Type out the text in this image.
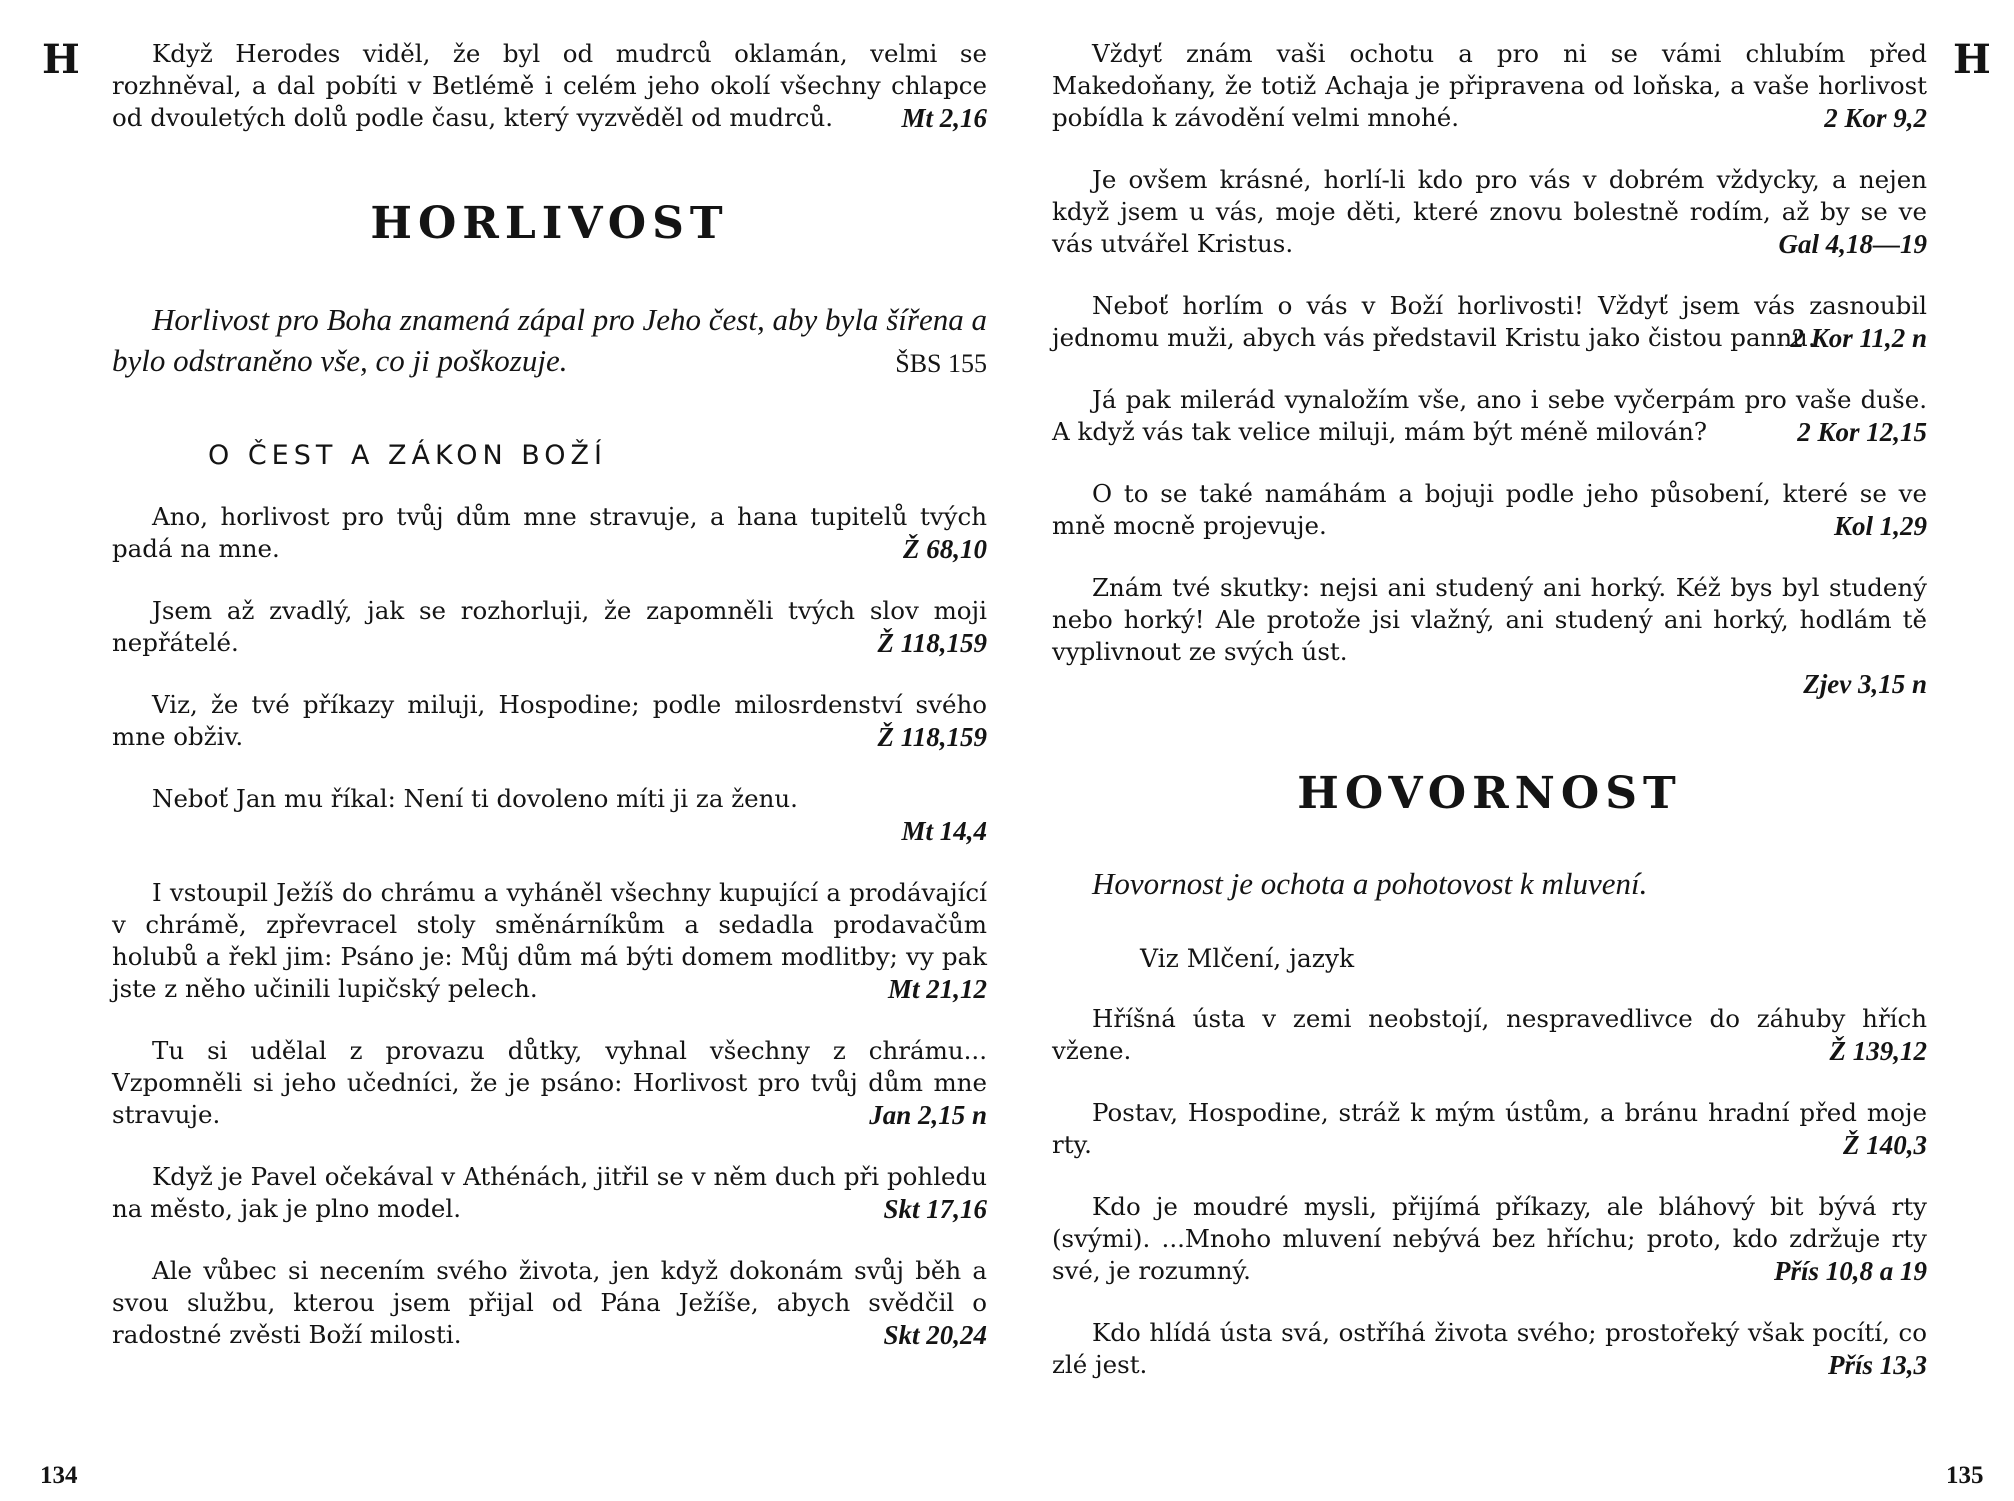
H	H
134	135
Když Herodes viděl, že byl od mudrců oklamán, velmi se rozhněval, a dal pobíti v Betlémě i celém jeho okolí všechny chlapce od dvouletých dolů podle času, který vyzvěděl od mudrců.	Mt 2,16
HORLIVOST
Horlivost pro Boha znamená zápal pro Jeho čest, aby byla šířena a bylo odstraněno vše, co ji poškozuje.	ŠBS 155
O ČEST A ZÁKON BOŽÍ
Ano, horlivost pro tvůj dům mne stravuje, a hana tupitelů tvých padá na mne.	Ž 68,10
Jsem až zvadlý, jak se rozhorluji, že zapomněli tvých slov moji nepřátelé.	Ž 118,159
Viz, že tvé příkazy miluji, Hospodine; podle milosrdenství svého mne obživ.	Ž 118,159
Neboť Jan mu říkal: Není ti dovoleno míti ji za ženu.
Mt 14,4
I vstoupil Ježíš do chrámu a vyháněl všechny kupující a prodávající v chrámě, zpřevracel stoly směnárníkům a sedadla prodavačům holubů a řekl jim: Psáno je: Můj dům má býti domem modlitby; vy pak jste z něho učinili lupičský pelech.	Mt 21,12
Tu si udělal z provazu důtky, vyhnal všechny z chrámu... Vzpomněli si jeho učedníci, že je psáno: Horlivost pro tvůj dům mne stravuje.	Jan 2,15 n
Když je Pavel očekával v Athénách, jitřil se v něm duch při pohledu na město, jak je plno model.	Skt 17,16
Ale vůbec si necením svého života, jen když dokonám svůj běh a svou službu, kterou jsem přijal od Pána Ježíše, abych svědčil o radostné zvěsti Boží milosti.	Skt 20,24
Vždyť znám vaši ochotu a pro ni se vámi chlubím před Makedoňany, že totiž Achaja je připravena od loňska, a vaše horlivost pobídla k závodění velmi mnohé.	2 Kor 9,2
Je ovšem krásné, horlí-li kdo pro vás v dobrém vždycky, a nejen když jsem u vás, moje děti, které znovu bolestně rodím, až by se ve vás utvářel Kristus.	Gal 4,18—19
Neboť horlím o vás v Boží horlivosti! Vždyť jsem vás zasnoubil jednomu muži, abych vás představil Kristu jako čistou pannu.
2 Kor 11,2 n
Já pak milerád vynaložím vše, ano i sebe vyčerpám pro vaše duše. A když vás tak velice miluji, mám být méně milován?	2 Kor 12,15
O to se také namáhám a bojuji podle jeho působení, které se ve mně mocně projevuje.	Kol 1,29
Znám tvé skutky: nejsi ani studený ani horký. Kéž bys byl studený nebo horký! Ale protože jsi vlažný, ani studený ani horký, hodlám tě vyplivnout ze svých úst.
Zjev 3,15 n
HOVORNOST
Hovornost je ochota a pohotovost k mluvení.
Viz Mlčení, jazyk
Hříšná ústa v zemi neobstojí, nespravedlivce do záhuby hřích vžene.	Ž 139,12
Postav, Hospodine, stráž k mým ústům, a bránu hradní před moje rty.	Ž 140,3
Kdo je moudré mysli, přijímá příkazy, ale bláhový bit bývá rty (svými). ...Mnoho mluvení nebývá bez hříchu; proto, kdo zdržuje rty své, je rozumný.	Přís 10,8 a 19
Kdo hlídá ústa svá, ostříhá života svého; prostořeký však pocítí, co zlé jest.	Přís 13,3
